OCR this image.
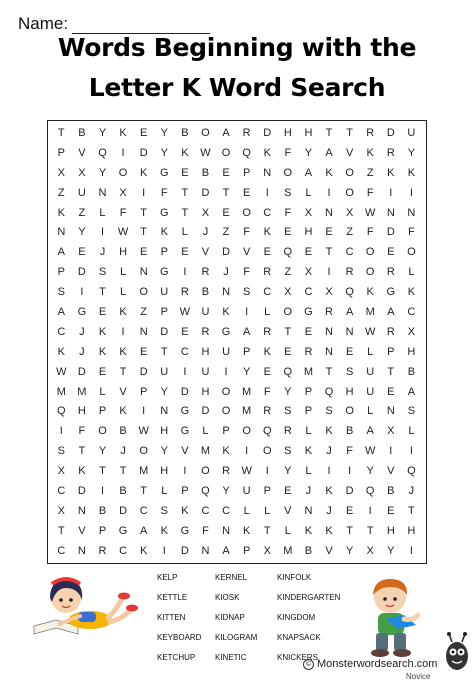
Name:
Words Beginning with the
Letter K Word Search
T	B	Y	K	E	Y	B	O	A	R	D	H	H	T	T	R	D	U
P	V	Q	I	D	Y	K	W	O	Q	K	F	Y	A	V	K	R	Y
X	X	Y	O	K	G	E	B	E	P	N	O	A	K	O	Z	K	K
Z	U	N	X	I	F	T	D	T	E	I	S	L	I	O	F	I	I
K	Z	L	F	T	G	T	X	E	O	C	F	X	N	X	W	N	N
N	Y	I	W	T	K	L	J	Z	F	K	E	H	E	Z	F	D	F
A	E	J	H	E	P	E	V	D	V	E	Q	E	T	C	O	E	O
P	D	S	L	N	G	I	R	J	F	R	Z	X	I	R	O	R	L
S	I	T	L	O	U	R	B	N	S	C	X	C	X	Q	K	G	K
A	G	E	K	Z	P	W	U	K	I	L	O	G	R	A	M	A	C
C	J	K	I	N	D	E	R	G	A	R	T	E	N	N	W	R	X
K	J	K	K	E	T	C	H	U	P	K	E	R	N	E	L	P	H
W	D	E	T	D	U	I	U	I	Y	E	Q	M	T	S	U	T	B
M	M	L	V	P	Y	D	H	O	M	F	Y	P	Q	H	U	E	A
Q	H	P	K	I	N	G	D	O	M	R	S	P	S	O	L	N	S
I	F	O	B	W	H	G	L	P	O	Q	R	L	K	B	A	X	L
S	T	Y	J	O	Y	V	M	K	I	O	S	K	J	F	W	I	I
X	K	T	T	M	H	I	O	R	W	I	Y	L	I	I	Y	V	Q
C	D	I	B	T	L	P	Q	Y	U	P	E	J	K	D	Q	B	J
X	N	B	D	C	S	K	C	C	L	L	V	N	J	E	I	E	T
T	V	P	G	A	K	G	F	N	K	T	L	K	K	T	T	H	H
C	N	R	C	K	I	D	N	A	P	X	M	B	V	Y	X	Y	I
KELP	KERNEL	KINFOLK
KETTLE	KIOSK	KINDERGARTEN
KITTEN	KIDNAP	KINGDOM
KEYBOARD	KILOGRAM	KNAPSACK
KETCHUP	KINETIC	KNICKERS
© Monsterwordsearch.com
Novice
